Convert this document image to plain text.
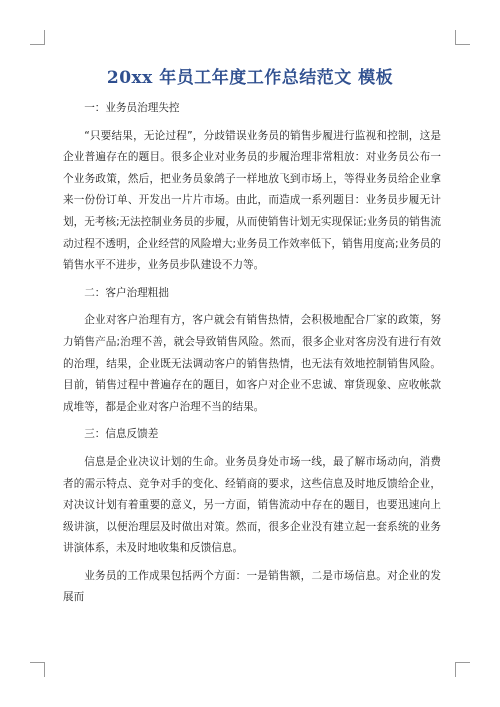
20xx 年员工年度工作总结范文 模板

一：业务员治理失控

“只要结果，无论过程”，分歧错误业务员的销售步履进行监视和控制，这是企业普遍存在的题目。很多企业对业务员的步履治理非常粗放：对业务员公布一个业务政策，然后，把业务员象鸽子一样地放飞到市场上，等得业务员给企业拿来一份份订单、开发出一片片市场。由此，而造成一系列题目：业务员步履无计划，无考核;无法控制业务员的步履，从而使销售计划无实现保证;业务员的销售流动过程不透明，企业经营的风险增大;业务员工作效率低下，销售用度高;业务员的销售水平不进步，业务员步队建设不力等。

二：客户治理粗拙

企业对客户治理有方，客户就会有销售热情，会积极地配合厂家的政策，努力销售产品;治理不善，就会导致销售风险。然而，很多企业对客房没有进行有效的治理，结果，企业既无法调动客户的销售热情，也无法有效地控制销售风险。目前，销售过程中普遍存在的题目，如客户对企业不忠诚、窜货现象、应收帐款成堆等，都是企业对客户治理不当的结果。

三：信息反馈差

信息是企业决议计划的生命。业务员身处市场一线，最了解市场动向，消费者的需示特点、竞争对手的变化、经销商的要求，这些信息及时地反馈给企业，对决议计划有着重要的意义，另一方面，销售流动中存在的题目，也要迅速向上级讲演，以便治理层及时做出对策。然而，很多企业没有建立起一套系统的业务讲演体系，未及时地收集和反馈信息。

业务员的工作成果包括两个方面：一是销售额，二是市场信息。对企业的发展而
